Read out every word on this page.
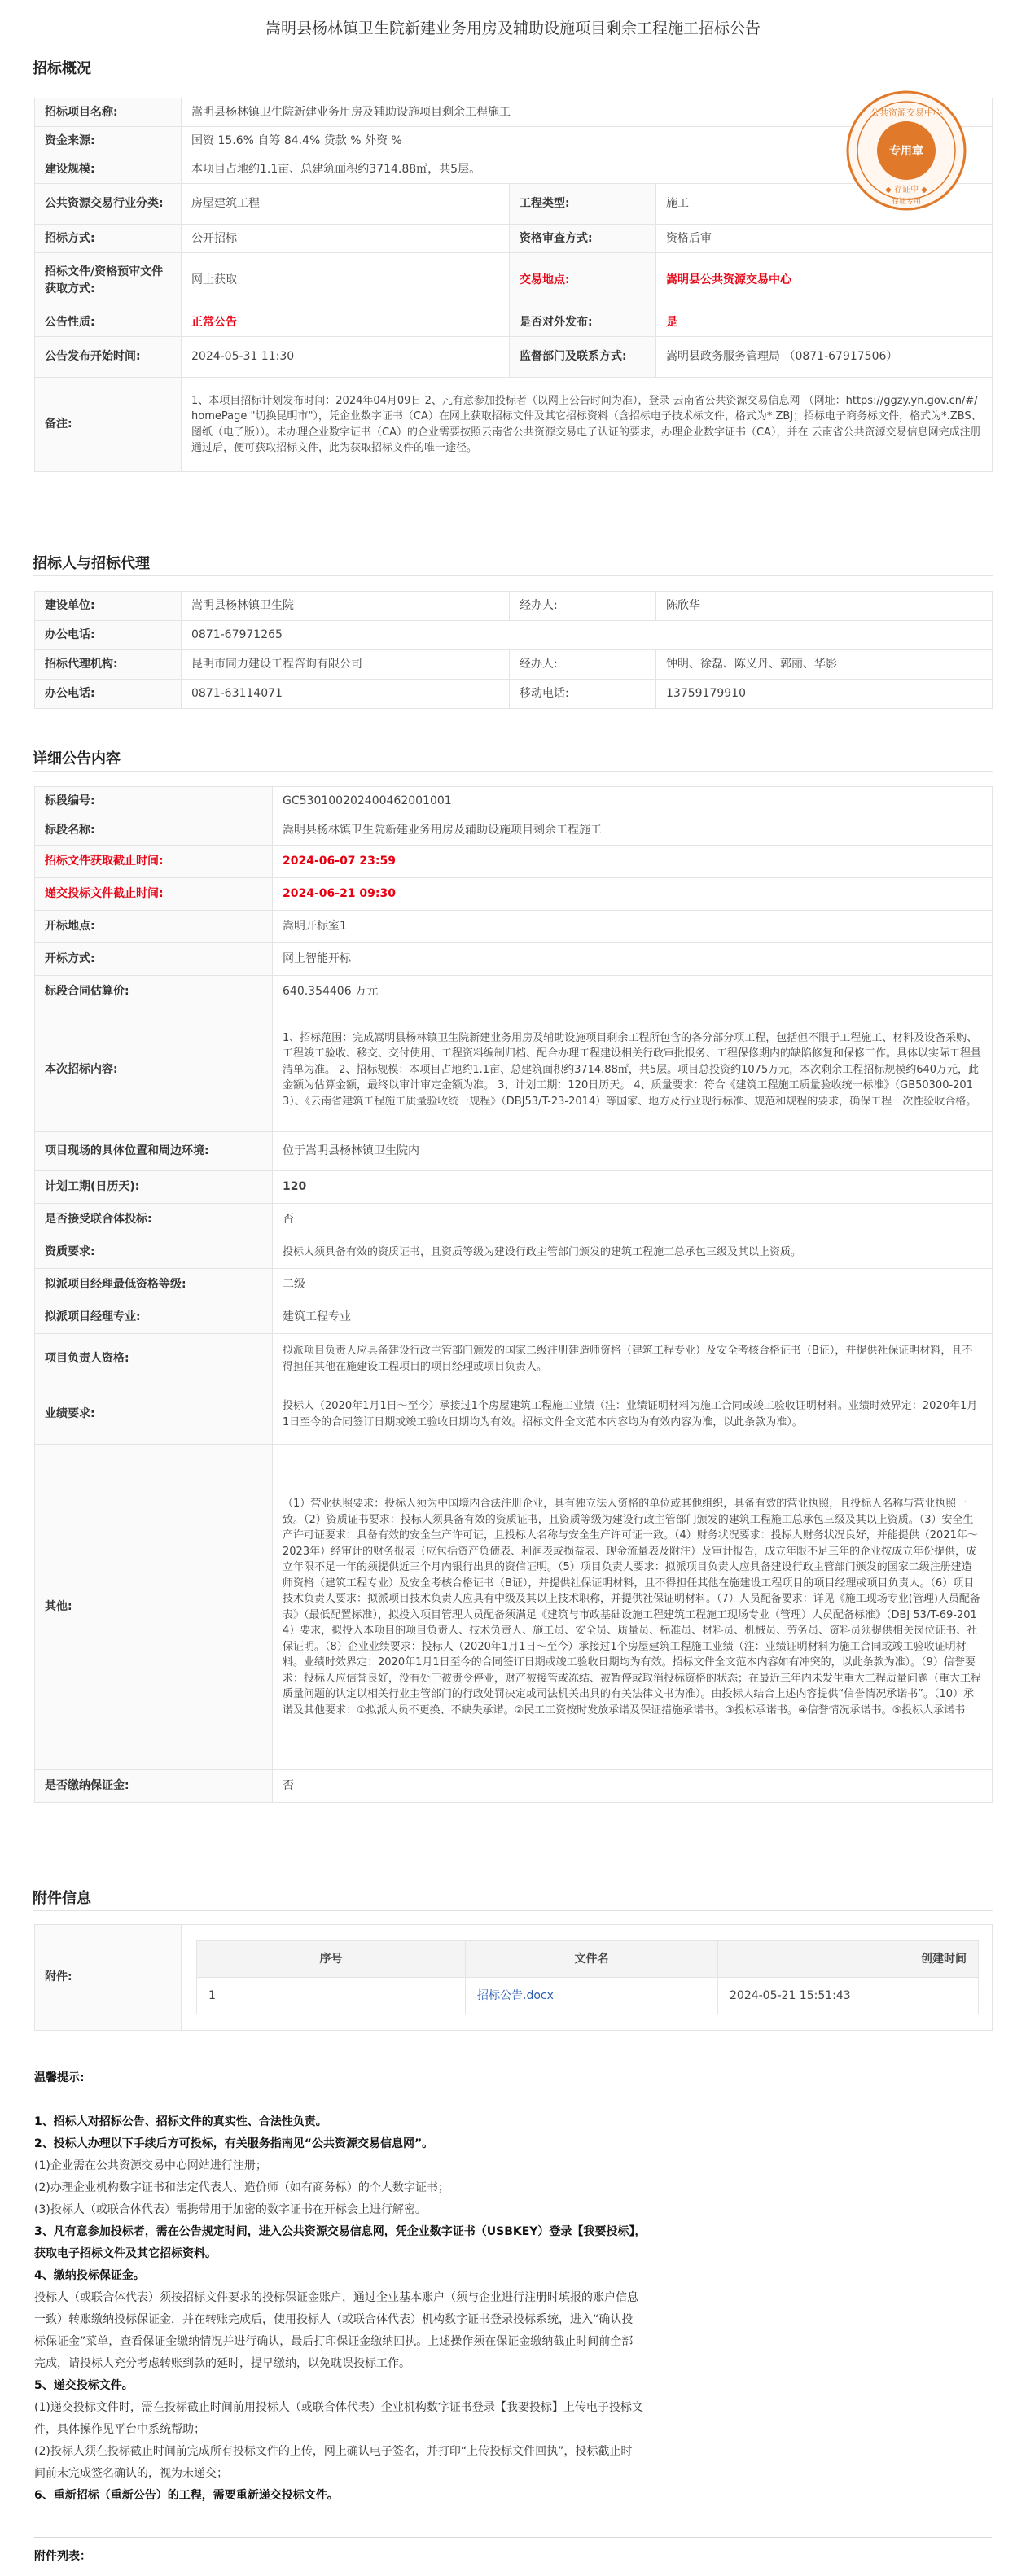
嵩明县杨林镇卫生院新建业务用房及辅助设施项目剩余工程施工招标公告
招标概况
招标项目名称:	嵩明县杨林镇卫生院新建业务用房及辅助设施项目剩余工程施工		
资金来源:	国资 15.6% 自筹 84.4% 贷款 % 外资 %		
建设规模:	本项目占地约1.1亩、总建筑面积约3714.88㎡，共5层。		
公共资源交易行业分类:	房屋建筑工程	工程类型:	施工
招标方式:	公开招标	资格审查方式:	资格后审
招标文件/资格预审文件获取方式:	网上获取	交易地点:	嵩明县公共资源交易中心
公告性质:	正常公告	是否对外发布:	是
公告发布开始时间:	2024-05-31 11:30	监督部门及联系方式:	嵩明县政务服务管理局 （0871-67917506）
备注:	1、本项目招标计划发布时间：2024年04月09日 2、凡有意参加投标者（以网上公告时间为准），登录 云南省公共资源交易信息网 （网址：https://ggzy.yn.gov.cn/#/homePage "切换昆明市"），凭企业数字证书（CA）在网上获取招标文件及其它招标资料（含招标电子技术标文件，格式为*.ZBJ；招标电子商务标文件，格式为*.ZBS、图纸（电子版））。未办理企业数字证书（CA）的企业需要按照云南省公共资源交易电子认证的要求，办理企业数字证书（CA），并在 云南省公共资源交易信息网完成注册通过后，便可获取招标文件，此为获取招标文件的唯一途径。		
公共资源交易中心
专用章
◆ 存证中 ◆
存证专用
招标人与招标代理
建设单位:	嵩明县杨林镇卫生院	经办人:	陈欣华
办公电话:	0871-67971265		
招标代理机构:	昆明市同力建设工程咨询有限公司	经办人:	钟明、徐磊、陈义丹、郭丽、华影
办公电话:	0871-63114071	移动电话:	13759179910
详细公告内容
标段编号:	GC5301002024004620010​01
标段名称:	嵩明县杨林镇卫生院新建业务用房及辅助设施项目剩余工程施工
招标文件获取截止时间:	2024-06-07 23:59
递交投标文件截止时间:	2024-06-21 09:30
开标地点:	嵩明开标室1
开标方式:	网上智能开标
标段合同估算价:	640.354406 万元
本次招标内容:	1、招标范围：完成嵩明县杨林镇卫生院新建业务用房及辅助设施项目剩余工程所包含的各分部分项工程，包括但不限于工程施工、材料及设备采购、工程竣工验收、移交、交付使用、工程资料编制归档、配合办理工程建设相关行政审批报务、工程保修期内的缺陷修复和保修工作。具体以实际工程量清单为准。 2、招标规模：本项目占地约1.1亩、总建筑面积约3714.88㎡，共5层。项目总投资约1075万元，本次剩余工程招标规模约640万元，此金额为估算金额，最终以审计审定金额为准。 3、计划工期：120日历天。 4、质量要求：符合《建筑工程施工质量验收统一标准》（GB50300-2013）、《云南省建筑工程施工质量验收统一规程》（DBJ53/T-23-2014）等国家、地方及行业现行标准、规范和规程的要求，确保工程一次性验收合格。
项目现场的具体位置和周边环境:	位于嵩明县杨林镇卫生院内
计划工期(日历天):	120
是否接受联合体投标:	否
资质要求:	投标人须具备有效的资质证书，且资质等级为建设行政主管部门颁发的建筑工程施工总承包三级及其以上资质。
拟派项目经理最低资格等级:	二级
拟派项目经理专业:	建筑工程专业
项目负责人资格:	拟派项目负责人应具备建设行政主管部门颁发的国家二级注册建造师资格（建筑工程专业）及安全考核合格证书（B证），并提供社保证明材料，且不得担任其他在施建设工程项目的项目经理或项目负责人。
业绩要求:	投标人（2020年1月1日～至今）承接过1个房屋建筑工程施工业绩（注：业绩证明材料为施工合同或竣工验收证明材料。业绩时效界定：2020年1月1日至今的合同签订日期或竣工验收日期均为有效。招标文件全文范本内容均为有效内容为准，以此条款为准）。
其他:	（1）营业执照要求：投标人须为中国境内合法注册企业，具有独立法人资格的单位或其他组织，具备有效的营业执照，且投标人名称与营业执照一致。（2）资质证书要求：投标人须具备有效的资质证书，且资质等级为建设行政主管部门颁发的建筑工程施工总承包三级及其以上资质。（3）安全生产许可证要求：具备有效的安全生产许可证，且投标人名称与安全生产许可证一致。（4）财务状况要求：投标人财务状况良好，并能提供（2021年～2023年）经审计的财务报表（应包括资产负债表、利润表或损益表、现金流量表及附注）及审计报告，成立年限不足三年的企业按成立年份提供，成立年限不足一年的须提供近三个月内银行出具的资信证明。（5）项目负责人要求：拟派项目负责人应具备建设行政主管部门颁发的国家二级注册建造师资格（建筑工程专业）及安全考核合格证书（B证），并提供社保证明材料，且不得担任其他在施建设工程项目的项目经理或项目负责人。（6）项目技术负责人要求：拟派项目技术负责人应具有中级及其以上技术职称，并提供社保证明材料。（7）人员配备要求：详见《施工现场专业(管理)人员配备表》（最低配置标准），拟投入项目管理人员配备须满足《建筑与市政基础设施工程建筑工程施工现场专业（管理）人员配备标准》（DBJ 53/T-69-2014）要求，拟投入本项目的项目负责人、技术负责人、施工员、安全员、质量员、标准员、材料员、机械员、劳务员、资料员须提供相关岗位证书、社保证明。（8）企业业绩要求：投标人（2020年1月1日～至今）承接过1个房屋建筑工程施工业绩（注：业绩证明材料为施工合同或竣工验收证明材料。业绩时效界定：2020年1月1日至今的合同签订日期或竣工验收日期均为有效。招标文件全文范本内容如有冲突的，以此条款为准）。（9）信誉要求：投标人应信誉良好，没有处于被责令停业，财产被接管或冻结、被暂停或取消投标资格的状态；在最近三年内未发生重大工程质量问题（重大工程质量问题的认定以相关行业主管部门的行政处罚决定或司法机关出具的有关法律文书为准）。由投标人结合上述内容提供“信誉情况承诺书”。（10）承诺及其他要求：①拟派人员不更换、不缺失承诺。②民工工资按时发放承诺及保证措施承诺书。③投标承诺书。④信誉情况承诺书。⑤投标人承诺书
是否缴纳保证金:	否
附件信息
附件:	
序号	文件名	创建时间
1	招标公告.docx	2024-05-21 15:51:43
温馨提示:
1、招标人对招标公告、招标文件的真实性、合法性负责。
2、投标人办理以下手续后方可投标，有关服务指南见“公共资源交易信息网”。
(1)企业需在公共资源交易中心网站进行注册；
(2)办理企业机构数字证书和法定代表人、造价师（如有商务标）的个人数字证书；
(3)投标人（或联合体代表）需携带用于加密的数字证书在开标会上进行解密。
3、凡有意参加投标者，需在公告规定时间，进入公共资源交易信息网，凭企业数字证书（USBKEY）登录【我要投标】，
获取电子招标文件及其它招标资料。
4、缴纳投标保证金。
投标人（或联合体代表）须按招标文件要求的投标保证金账户，通过企业基本账户（须与企业进行注册时填报的账户信息
一致）转账缴纳投标保证金，并在转账完成后，使用投标人（或联合体代表）机构数字证书登录投标系统，进入“确认投
标保证金”菜单，查看保证金缴纳情况并进行确认，最后打印保证金缴纳回执。上述操作须在保证金缴纳截止时间前全部
完成，请投标人充分考虑转账到款的延时，提早缴纳，以免耽误投标工作。
5、递交投标文件。
(1)递交投标文件时，需在投标截止时间前用投标人（或联合体代表）企业机构数字证书登录【我要投标】上传电子投标文
件，具体操作见平台中系统帮助；
(2)投标人须在投标截止时间前完成所有投标文件的上传，网上确认电子签名，并打印“上传投标文件回执”，投标截止时
间前未完成签名确认的，视为未递交；
6、重新招标（重新公告）的工程，需要重新递交投标文件。
附件列表：
